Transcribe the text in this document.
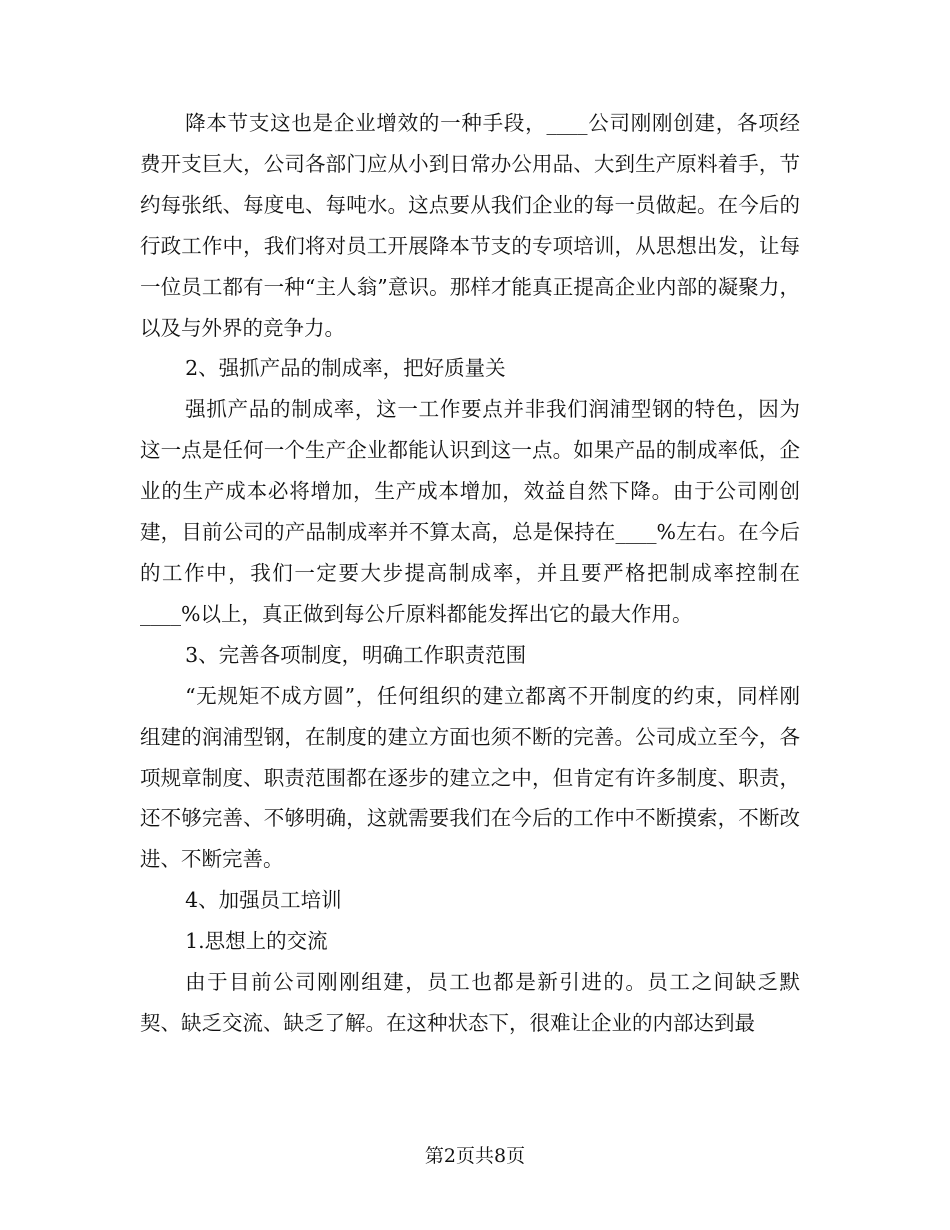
降本节支这也是企业增效的一种手段，____公司刚刚创建，各项经费开支巨大，公司各部门应从小到日常办公用品、大到生产原料着手，节约每张纸、每度电、每吨水。这点要从我们企业的每一员做起。在今后的行政工作中，我们将对员工开展降本节支的专项培训，从思想出发，让每一位员工都有一种“主人翁”意识。那样才能真正提高企业内部的凝聚力，以及与外界的竞争力。

2、强抓产品的制成率，把好质量关

强抓产品的制成率，这一工作要点并非我们润浦型钢的特色，因为这一点是任何一个生产企业都能认识到这一点。如果产品的制成率低，企业的生产成本必将增加，生产成本增加，效益自然下降。由于公司刚创建，目前公司的产品制成率并不算太高，总是保持在____%左右。在今后的工作中，我们一定要大步提高制成率，并且要严格把制成率控制在____%以上，真正做到每公斤原料都能发挥出它的最大作用。

3、完善各项制度，明确工作职责范围

“无规矩不成方圆”，任何组织的建立都离不开制度的约束，同样刚组建的润浦型钢，在制度的建立方面也须不断的完善。公司成立至今，各项规章制度、职责范围都在逐步的建立之中，但肯定有许多制度、职责，还不够完善、不够明确，这就需要我们在今后的工作中不断摸索，不断改进、不断完善。

4、加强员工培训

1.思想上的交流

由于目前公司刚刚组建，员工也都是新引进的。员工之间缺乏默契、缺乏交流、缺乏了解。在这种状态下，很难让企业的内部达到最

第2页共8页
